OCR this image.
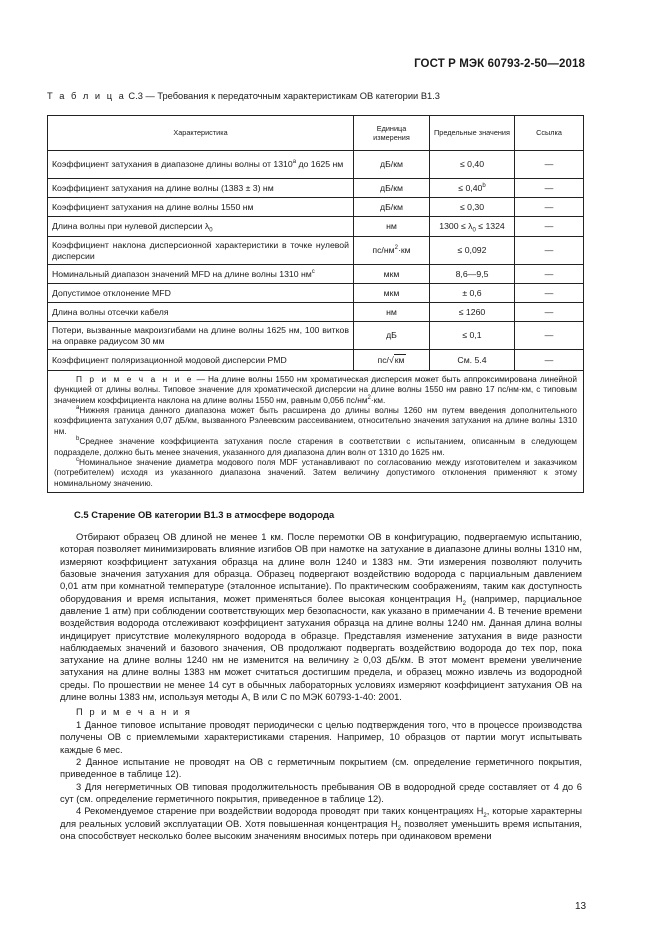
ГОСТ Р МЭК 60793-2-50—2018
Т а б л и ц а С.3 — Требования к передаточным характеристикам ОВ категории В1.3
Характеристика	Единица измерения	Предельные значения	Ссылка
Коэффициент затухания в диапазоне длины волны от 1310$^a$ до 1625 нм	дБ/км	≤ 0,40	—
Коэффициент затухания на длине волны (1383 ± 3) нм	дБ/км	≤ 0,40$^b$	—
Коэффициент затухания на длине волны 1550 нм	дБ/км	≤ 0,30	—
Длина волны при нулевой дисперсии $\lambda_0$	нм	$1300 \le \lambda_0 \le 1324$	—
Коэффициент наклона дисперсионной характеристики в точке нулевой дисперсии	$пс/нм^2\cdot км$	≤ 0,092	—
Номинальный диапазон значений MFD на длине волны 1310 $нм^c$	мкм	8,6—9,5	—
Допустимое отклонение MFD	мкм	± 0,6	—
Длина волны отсечки кабеля	нм	≤ 1260	—
Потери, вызванные макроизгибами на длине волны 1625 нм, 100 витков на оправке радиусом 30 мм	дБ	≤ 0,1	—
Коэффициент поляризационной модовой дисперсии PMD	пс/√км	См. 5.4	—

П р и м е ч а н и е — На длине волны 1550 нм хроматическая дисперсия может быть аппроксимирована линейной функцией от длины волны. Типовое значение для хроматической дисперсии на длине волны 1550 нм равно 17 пс/нм·км, с типовым значением коэффициента наклона на длине волны 1550 нм, равным 0,056 $пс/нм^2\cdot км$.

$^a$Нижняя граница данного диапазона может быть расширена до длины волны 1260 нм путем введения дополнительного коэффициента затухания 0,07 дБ/км, вызванного Рэлеевским рассеиванием, относительно значения затухания на длине волны 1310 нм.

$^b$Среднее значение коэффициента затухания после старения в соответствии с испытанием, описанным в следующем подразделе, должно быть менее значения, указанного для диапазона длин волн от 1310 до 1625 нм.

$^c$Номинальное значение диаметра модового поля MDF устанавливают по согласованию между изготовителем и заказчиком (потребителем) исходя из указанного диапазона значений. Затем величину допустимого отклонения применяют к этому номинальному значению.			

С.5 Старение ОВ категории В1.3 в атмосфере водорода

Отбирают образец ОВ длиной не менее 1 км. После перемотки ОВ в конфигурацию, подвергаемую испытанию, которая позволяет минимизировать влияние изгибов ОВ при намотке на затухание в диапазоне длины волны 1310 нм, измеряют коэффициент затухания образца на длине волн 1240 и 1383 нм. Эти измерения позволяют получить базовые значения затухания для образца. Образец подвергают воздействию водорода с парциальным давлением 0,01 атм при комнатной температуре (эталонное испытание). По практическим соображениям, таким как доступность оборудования и время испытания, может применяться более высокая концентрация $H_2$ (например, парциальное давление 1 атм) при соблюдении соответствующих мер безопасности, как указано в примечании 4. В течение времени воздействия водорода отслеживают коэффициент затухания образца на длине волны 1240 нм. Данная длина волны индицирует присутствие молекулярного водорода в образце. Представляя изменение затухания в виде разности наблюдаемых значений и базового значения, ОВ продолжают подвергать воздействию водорода до тех пор, пока затухание на длине волны 1240 нм не изменится на величину ≥ 0,03 дБ/км. В этот момент времени увеличение затухания на длине волны 1383 нм может считаться достигшим предела, и образец можно извлечь из водородной среды. По прошествии не менее 14 сут в обычных лабораторных условиях измеряют коэффициент затухания ОВ на длине волны 1383 нм, используя методы А, В или С по МЭК 60793-1-40: 2001.

П р и м е ч а н и я

1 Данное типовое испытание проводят периодически с целью подтверждения того, что в процессе производства получены ОВ с приемлемыми характеристиками старения. Например, 10 образцов от партии могут испытывать каждые 6 мес.

2 Данное испытание не проводят на ОВ с герметичным покрытием (см. определение герметичного покрытия, приведенное в таблице 12).

3 Для негерметичных ОВ типовая продолжительность пребывания ОВ в водородной среде составляет от 4 до 6 сут (см. определение герметичного покрытия, приведенное в таблице 12).

4 Рекомендуемое старение при воздействии водорода проводят при таких концентрациях $H_2$, которые характерны для реальных условий эксплуатации ОВ. Хотя повышенная концентрация $H_2$ позволяет уменьшить время испытания, она способствует несколько более высоким значениям вносимых потерь при одинаковом времени

13
